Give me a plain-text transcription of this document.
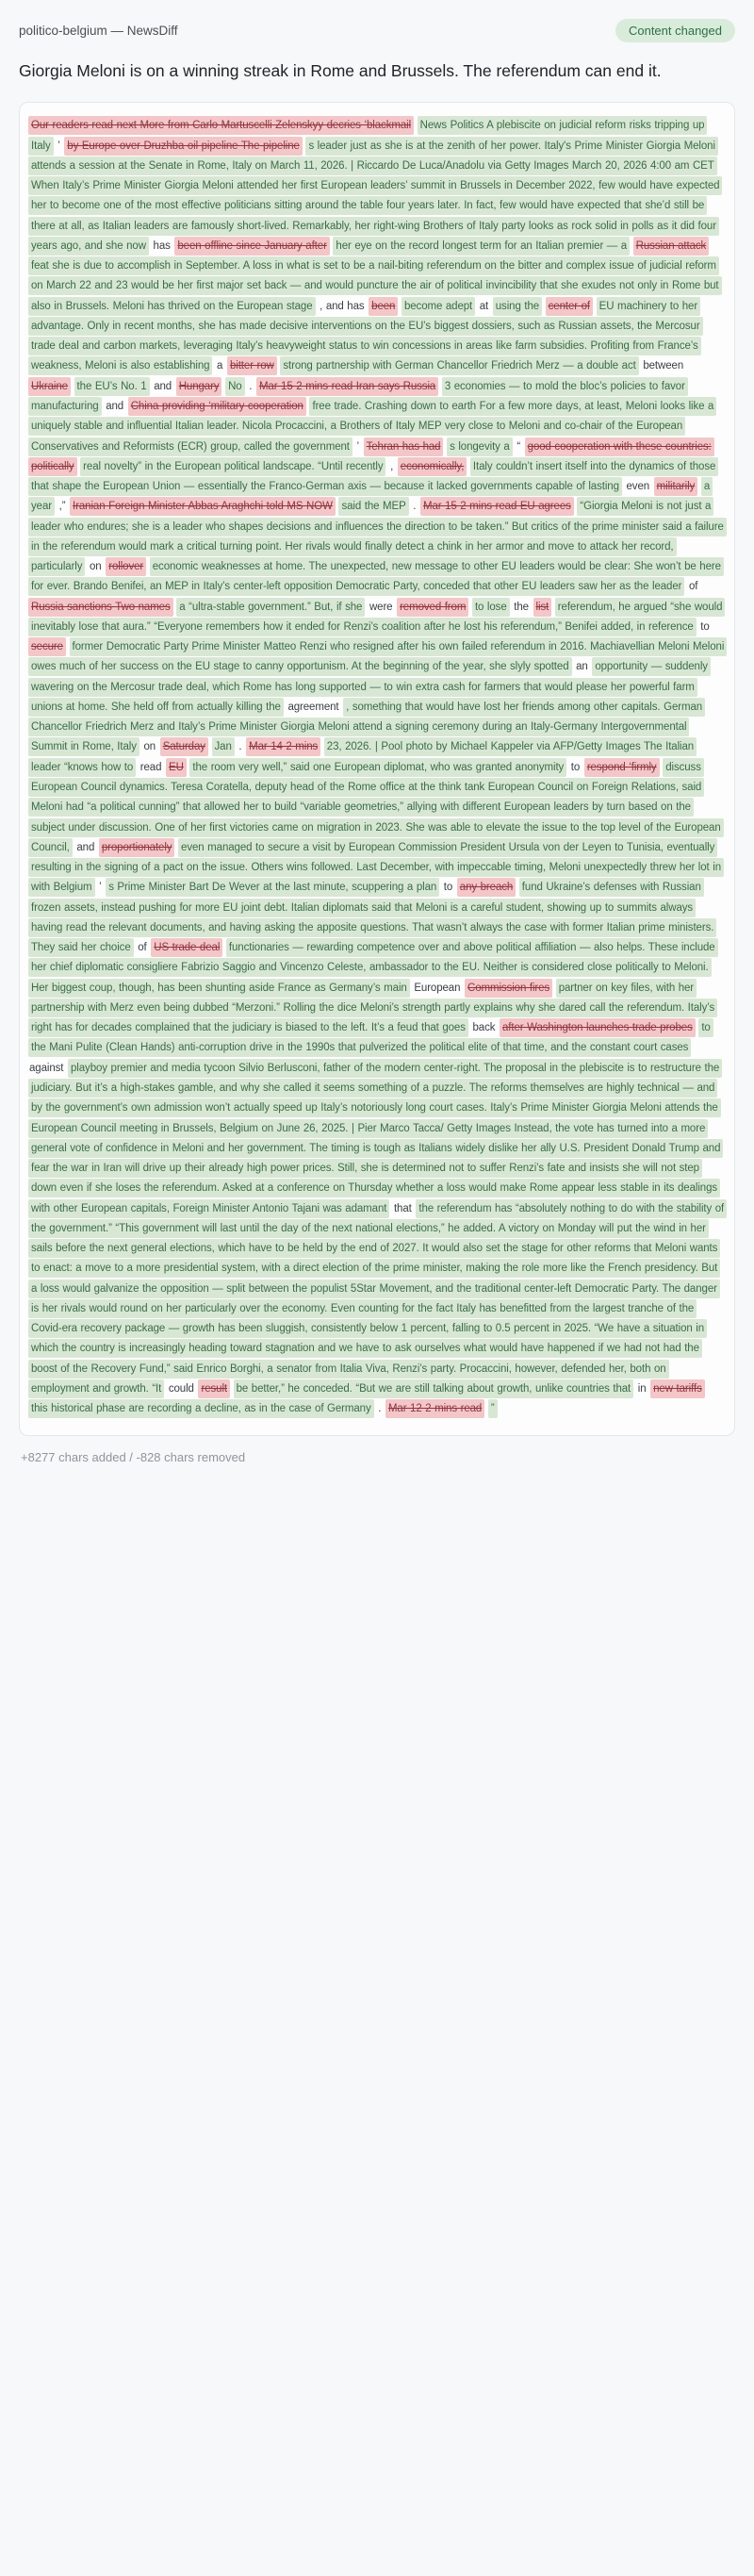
politico-belgium — NewsDiff	Content changed
Giorgia Meloni is on a winning streak in Rome and Brussels. The referendum can end it.
Our readers read next More from Carlo Martuscelli Zelenskyy decries ‘blackmail News Politics A plebiscite on judicial reform risks tripping up Italy ’ by Europe over Druzhba oil pipeline The pipeline s leader just as she is at the zenith of her power. Italy's Prime Minister Giorgia Meloni attends a session at the Senate in Rome, Italy on March 11, 2026. | Riccardo De Luca/Anadolu via Getty Images March 20, 2026 4:00 am CET When Italy’s Prime Minister Giorgia Meloni attended her first European leaders’ summit in Brussels in December 2022, few would have expected her to become one of the most effective politicians sitting around the table four years later. In fact, few would have expected that she’d still be there at all, as Italian leaders are famously short-lived. Remarkably, her right-wing Brothers of Italy party looks as rock solid in polls as it did four years ago, and she now has been offline since January after her eye on the record longest term for an Italian premier — a Russian attack feat she is due to accomplish in September. A loss in what is set to be a nail-biting referendum on the bitter and complex issue of judicial reform on March 22 and 23 would be her first major set back — and would puncture the air of political invincibility that she exudes not only in Rome but also in Brussels. Meloni has thrived on the European stage , and has been become adept at using the center of EU machinery to her advantage. Only in recent months, she has made decisive interventions on the EU’s biggest dossiers, such as Russian assets, the Mercosur trade deal and carbon markets, leveraging Italy’s heavyweight status to win concessions in areas like farm subsidies. Profiting from France’s weakness, Meloni is also establishing a bitter row strong partnership with German Chancellor Friedrich Merz — a double act between Ukraine the EU’s No. 1 and Hungary No . Mar 15 2 mins read Iran says Russia 3 economies — to mold the bloc’s policies to favor manufacturing and China providing ‘military cooperation free trade. Crashing down to earth For a few more days, at least, Meloni looks like a uniquely stable and influential Italian leader. Nicola Procaccini, a Brothers of Italy MEP very close to Meloni and co-chair of the European Conservatives and Reformists (ECR) group, called the government ’ Tehran has had s longevity a “ good cooperation with these countries: politically real novelty” in the European political landscape. “Until recently , economically, Italy couldn’t insert itself into the dynamics of those that shape the European Union — essentially the Franco-German axis — because it lacked governments capable of lasting even militarily a year ,” Iranian Foreign Minister Abbas Araghchi told MS NOW said the MEP . Mar 15 2 mins read EU agrees “Giorgia Meloni is not just a leader who endures; she is a leader who shapes decisions and influences the direction to be taken.” But critics of the prime minister said a failure in the referendum would mark a critical turning point. Her rivals would finally detect a chink in her armor and move to attack her record, particularly on rollover economic weaknesses at home. The unexpected, new message to other EU leaders would be clear: She won’t be here for ever. Brando Benifei, an MEP in Italy’s center-left opposition Democratic Party, conceded that other EU leaders saw her as the leader of Russia sanctions Two names a “ultra-stable government.” But, if she were removed from to lose the list referendum, he argued “she would inevitably lose that aura.” “Everyone remembers how it ended for Renzi’s coalition after he lost his referendum,” Benifei added, in reference to secure former Democratic Party Prime Minister Matteo Renzi who resigned after his own failed referendum in 2016. Machiavellian Meloni Meloni owes much of her success on the EU stage to canny opportunism. At the beginning of the year, she slyly spotted an opportunity — suddenly wavering on the Mercosur trade deal, which Rome has long supported — to win extra cash for farmers that would please her powerful farm unions at home. She held off from actually killing the agreement , something that would have lost her friends among other capitals. German Chancellor Friedrich Merz and Italy’s Prime Minister Giorgia Meloni attend a signing ceremony during an Italy-Germany Intergovernmental Summit in Rome, Italy on Saturday Jan . Mar 14 2 mins 23, 2026. | Pool photo by Michael Kappeler via AFP/Getty Images The Italian leader “knows how to read EU the room very well,” said one European diplomat, who was granted anonymity to respond ‘firmly discuss European Council dynamics. Teresa Coratella, deputy head of the Rome office at the think tank European Council on Foreign Relations, said Meloni had “a political cunning” that allowed her to build “variable geometries,” allying with different European leaders by turn based on the subject under discussion. One of her first victories came on migration in 2023. She was able to elevate the issue to the top level of the European Council, and proportionately even managed to secure a visit by European Commission President Ursula von der Leyen to Tunisia, eventually resulting in the signing of a pact on the issue. Others wins followed. Last December, with impeccable timing, Meloni unexpectedly threw her lot in with Belgium ’ s Prime Minister Bart De Wever at the last minute, scuppering a plan to any breach fund Ukraine’s defenses with Russian frozen assets, instead pushing for more EU joint debt. Italian diplomats said that Meloni is a careful student, showing up to summits always having read the relevant documents, and having asking the apposite questions. That wasn’t always the case with former Italian prime ministers. They said her choice of US trade deal functionaries — rewarding competence over and above political affiliation — also helps. These include her chief diplomatic consigliere Fabrizio Saggio and Vincenzo Celeste, ambassador to the EU. Neither is considered close politically to Meloni. Her biggest coup, though, has been shunting aside France as Germany’s main European Commission fires partner on key files, with her partnership with Merz even being dubbed “Merzoni.” Rolling the dice Meloni’s strength partly explains why she dared call the referendum. Italy’s right has for decades complained that the judiciary is biased to the left. It’s a feud that goes back after Washington launches trade probes to the Mani Pulite (Clean Hands) anti-corruption drive in the 1990s that pulverized the political elite of that time, and the constant court cases against playboy premier and media tycoon Silvio Berlusconi, father of the modern center-right. The proposal in the plebiscite is to restructure the judiciary. But it’s a high-stakes gamble, and why she called it seems something of a puzzle. The reforms themselves are highly technical — and by the government’s own admission won’t actually speed up Italy’s notoriously long court cases. Italy’s Prime Minister Giorgia Meloni attends the European Council meeting in Brussels, Belgium on June 26, 2025. | Pier Marco Tacca/ Getty Images Instead, the vote has turned into a more general vote of confidence in Meloni and her government. The timing is tough as Italians widely dislike her ally U.S. President Donald Trump and fear the war in Iran will drive up their already high power prices. Still, she is determined not to suffer Renzi’s fate and insists she will not step down even if she loses the referendum. Asked at a conference on Thursday whether a loss would make Rome appear less stable in its dealings with other European capitals, Foreign Minister Antonio Tajani was adamant that the referendum has “absolutely nothing to do with the stability of the government.” “This government will last until the day of the next national elections,” he added. A victory on Monday will put the wind in her sails before the next general elections, which have to be held by the end of 2027. It would also set the stage for other reforms that Meloni wants to enact: a move to a more presidential system, with a direct election of the prime minister, making the role more like the French presidency. But a loss would galvanize the opposition — split between the populist 5Star Movement, and the traditional center-left Democratic Party. The danger is her rivals would round on her particularly over the economy. Even counting for the fact Italy has benefitted from the largest tranche of the Covid-era recovery package — growth has been sluggish, consistently below 1 percent, falling to 0.5 percent in 2025. “We have a situation in which the country is increasingly heading toward stagnation and we have to ask ourselves what would have happened if we had not had the boost of the Recovery Fund,” said Enrico Borghi, a senator from Italia Viva, Renzi’s party. Procaccini, however, defended her, both on employment and growth. “It could result be better,” he conceded. “But we are still talking about growth, unlike countries that in new tariffs this historical phase are recording a decline, as in the case of Germany . Mar 12 2 mins read ”
+8277 chars added / -828 chars removed
